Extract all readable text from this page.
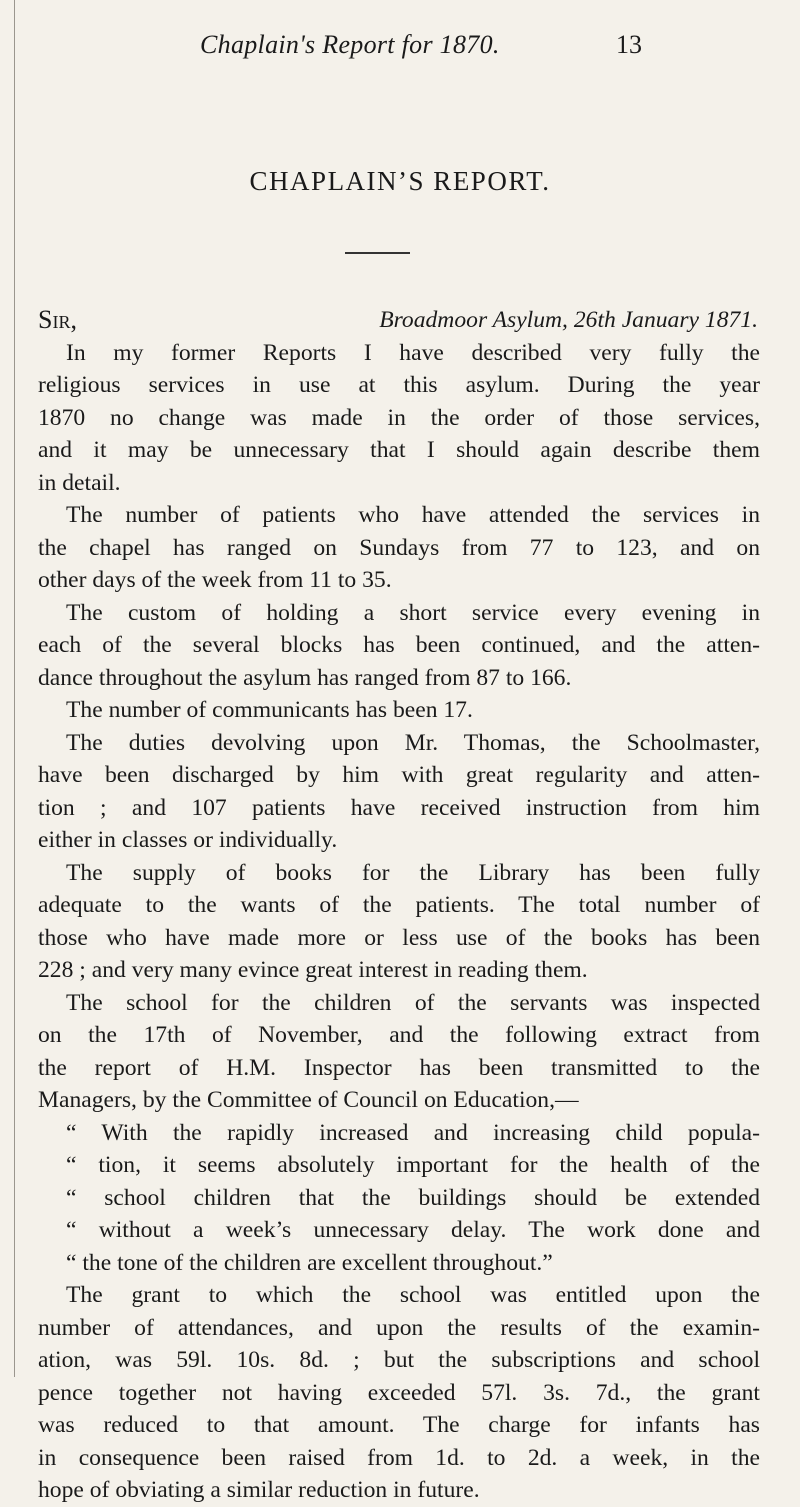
Chaplain's Report for 1870.	13
CHAPLAIN’S REPORT.
Sir,	Broadmoor Asylum, 26th January 1871.
In my former Reports I have described very fully the
religious services in use at this asylum. During the year
1870 no change was made in the order of those services,
and it may be unnecessary that I should again describe them
in detail.
The number of patients who have attended the services in
the chapel has ranged on Sundays from 77 to 123, and on
other days of the week from 11 to 35.
The custom of holding a short service every evening in
each of the several blocks has been continued, and the atten-
dance throughout the asylum has ranged from 87 to 166.
The number of communicants has been 17.
The duties devolving upon Mr. Thomas, the Schoolmaster,
have been discharged by him with great regularity and atten-
tion ; and 107 patients have received instruction from him
either in classes or individually.
The supply of books for the Library has been fully
adequate to the wants of the patients. The total number of
those who have made more or less use of the books has been
228 ; and very many evince great interest in reading them.
The school for the children of the servants was inspected
on the 17th of November, and the following extract from
the report of H.M. Inspector has been transmitted to the
Managers, by the Committee of Council on Education,—
“ With the rapidly increased and increasing child popula-
“ tion, it seems absolutely important for the health of the
“ school children that the buildings should be extended
“ without a week’s unnecessary delay. The work done and
“ the tone of the children are excellent throughout.”
The grant to which the school was entitled upon the
number of attendances, and upon the results of the examin-
ation, was 59l. 10s. 8d. ; but the subscriptions and school
pence together not having exceeded 57l. 3s. 7d., the grant
was reduced to that amount. The charge for infants has
in consequence been raised from 1d. to 2d. a week, in the
hope of obviating a similar reduction in future.
